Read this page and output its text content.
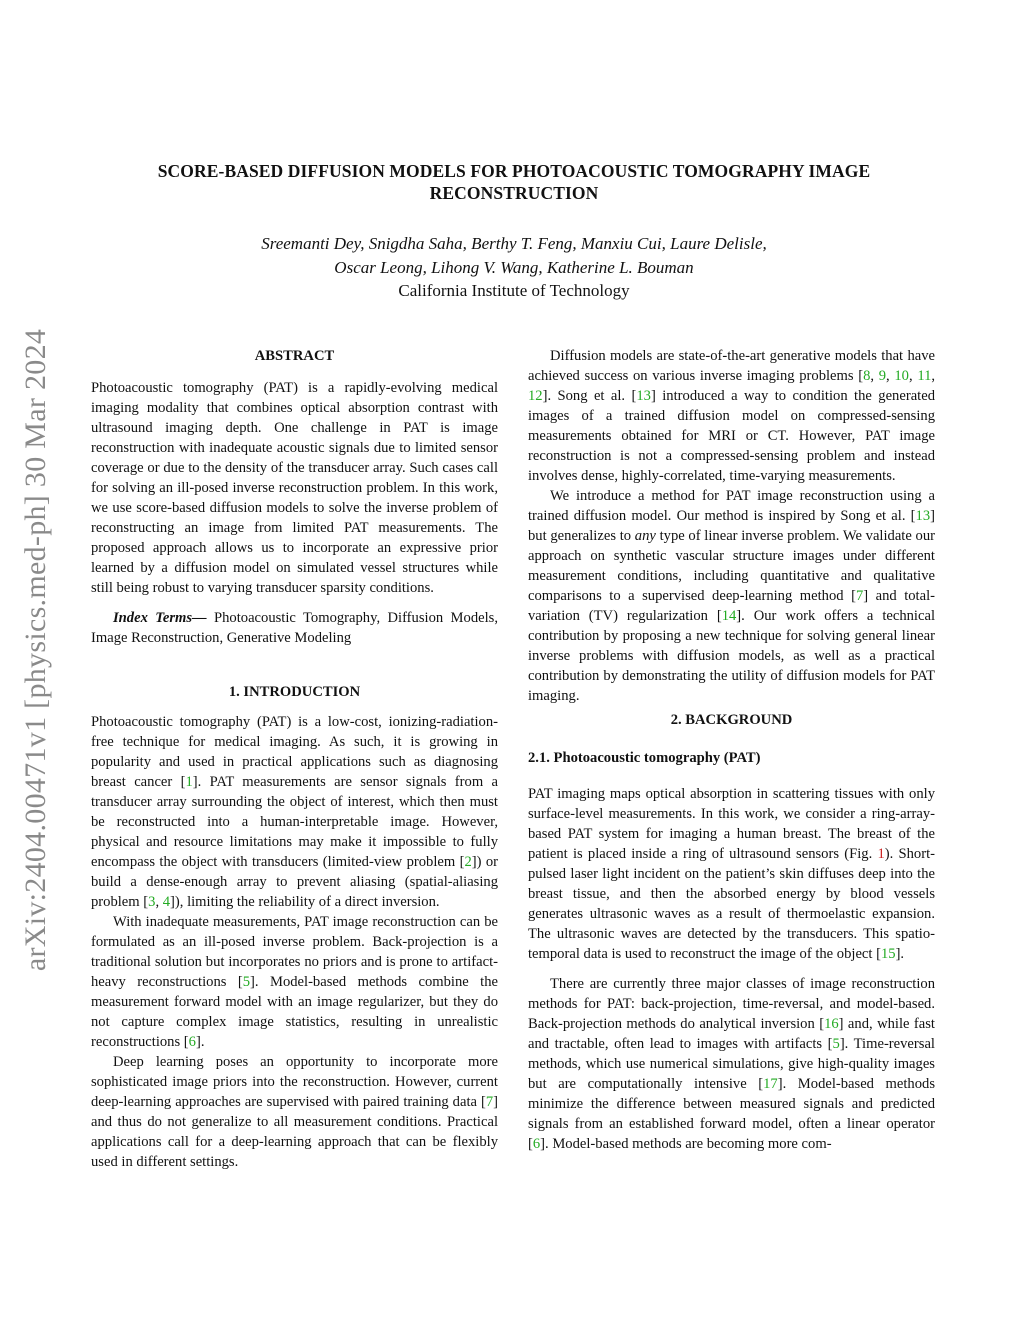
arXiv:2404.00471v1 [physics.med-ph] 30 Mar 2024
SCORE-BASED DIFFUSION MODELS FOR PHOTOACOUSTIC TOMOGRAPHY IMAGE
RECONSTRUCTION
Sreemanti Dey, Snigdha Saha, Berthy T. Feng, Manxiu Cui, Laure Delisle,
Oscar Leong, Lihong V. Wang, Katherine L. Bouman
California Institute of Technology
ABSTRACT

Photoacoustic tomography (PAT) is a rapidly-evolving medical imaging modality that combines optical absorption contrast with ultrasound imaging depth. One challenge in PAT is image reconstruction with inadequate acoustic signals due to limited sensor coverage or due to the density of the transducer array. Such cases call for solving an ill-posed inverse reconstruction problem. In this work, we use score-based diffusion models to solve the inverse problem of reconstructing an image from limited PAT measurements. The proposed approach allows us to incorporate an expressive prior learned by a diffusion model on simulated vessel structures while still being robust to varying transducer sparsity conditions.

Index Terms— Photoacoustic Tomography, Diffusion Models, Image Reconstruction, Generative Modeling

1. INTRODUCTION

Photoacoustic tomography (PAT) is a low-cost, ionizing-radiation-free technique for medical imaging. As such, it is growing in popularity and used in practical applications such as diagnosing breast cancer [1]. PAT measurements are sensor signals from a transducer array surrounding the object of interest, which then must be reconstructed into a human-interpretable image. However, physical and resource limitations may make it impossible to fully encompass the object with transducers (limited-view problem [2]) or build a dense-enough array to prevent aliasing (spatial-aliasing problem [3, 4]), limiting the reliability of a direct inversion.

With inadequate measurements, PAT image reconstruction can be formulated as an ill-posed inverse problem. Back-projection is a traditional solution but incorporates no priors and is prone to artifact-heavy reconstructions [5]. Model-based methods combine the measurement forward model with an image regularizer, but they do not capture complex image statistics, resulting in unrealistic reconstructions [6].

Deep learning poses an opportunity to incorporate more sophisticated image priors into the reconstruction. However, current deep-learning approaches are supervised with paired training data [7] and thus do not generalize to all measurement conditions. Practical applications call for a deep-learning approach that can be flexibly used in different settings.

Diffusion models are state-of-the-art generative models that have achieved success on various inverse imaging problems [8, 9, 10, 11, 12]. Song et al. [13] introduced a way to condition the generated images of a trained diffusion model on compressed-sensing measurements obtained for MRI or CT. However, PAT image reconstruction is not a compressed-sensing problem and instead involves dense, highly-correlated, time-varying measurements.

We introduce a method for PAT image reconstruction using a trained diffusion model. Our method is inspired by Song et al. [13] but generalizes to any type of linear inverse problem. We validate our approach on synthetic vascular structure images under different measurement conditions, including quantitative and qualitative comparisons to a supervised deep-learning method [7] and total-variation (TV) regularization [14]. Our work offers a technical contribution by proposing a new technique for solving general linear inverse problems with diffusion models, as well as a practical contribution by demonstrating the utility of diffusion models for PAT imaging.

2. BACKGROUND
2.1. Photoacoustic tomography (PAT)

PAT imaging maps optical absorption in scattering tissues with only surface-level measurements. In this work, we consider a ring-array-based PAT system for imaging a human breast. The breast of the patient is placed inside a ring of ultrasound sensors (Fig. 1). Short-pulsed laser light incident on the patient’s skin diffuses deep into the breast tissue, and then the absorbed energy by blood vessels generates ultrasonic waves as a result of thermoelastic expansion. The ultrasonic waves are detected by the transducers. This spatio-temporal data is used to reconstruct the image of the object [15].

There are currently three major classes of image reconstruction methods for PAT: back-projection, time-reversal, and model-based. Back-projection methods do analytical inversion [16] and, while fast and tractable, often lead to images with artifacts [5]. Time-reversal methods, which use numerical simulations, give high-quality images but are computationally intensive [17]. Model-based methods minimize the difference between measured signals and predicted signals from an established forward model, often a linear operator [6]. Model-based methods are becoming more com-
